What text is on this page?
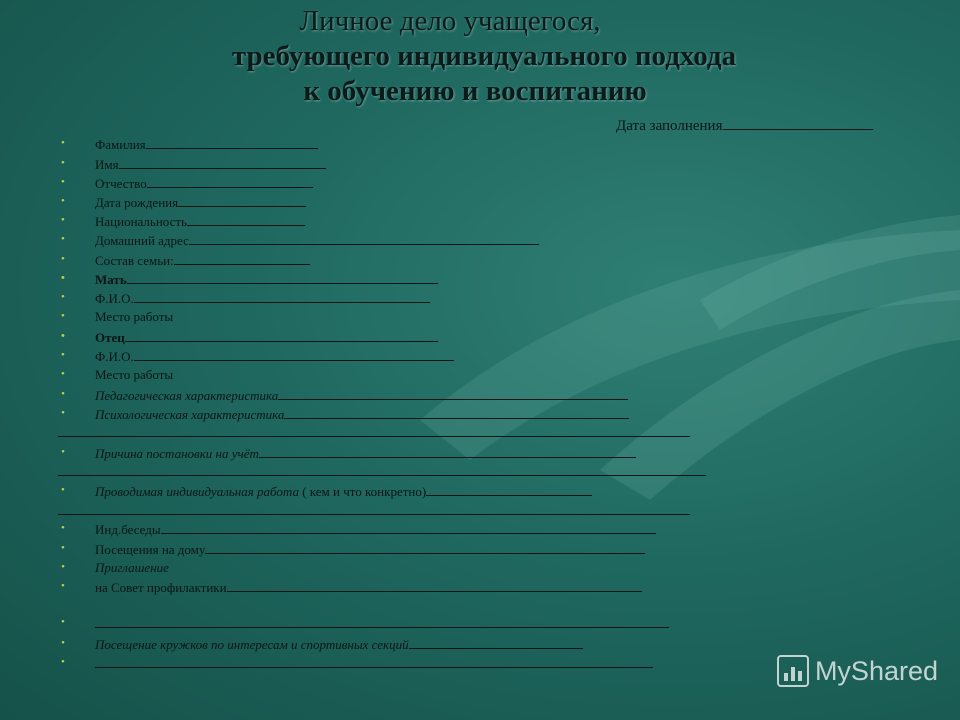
Личное дело учащегося,
требующего индивидуального подхода
к обучению и воспитанию
Дата заполнения
• Фамилия
• Имя
• Отчество
• Дата рождения
• Национальность
• Домашний адрес
• Состав семьи:
• Мать
• Ф.И.О.
• Место работы
• Отец
• Ф.И.О.
• Место работы
• Педагогическая характеристика
• Психологическая характеристика
• Причина постановки на учёт
• Проводимая индивидуальная работа ( кем и что конкретно)
• Инд.беседы
• Посещения на дому
• Приглашение
• на Совет профилактики
•
• Посещение кружков по интересам и спортивных секций
•	MyShared
